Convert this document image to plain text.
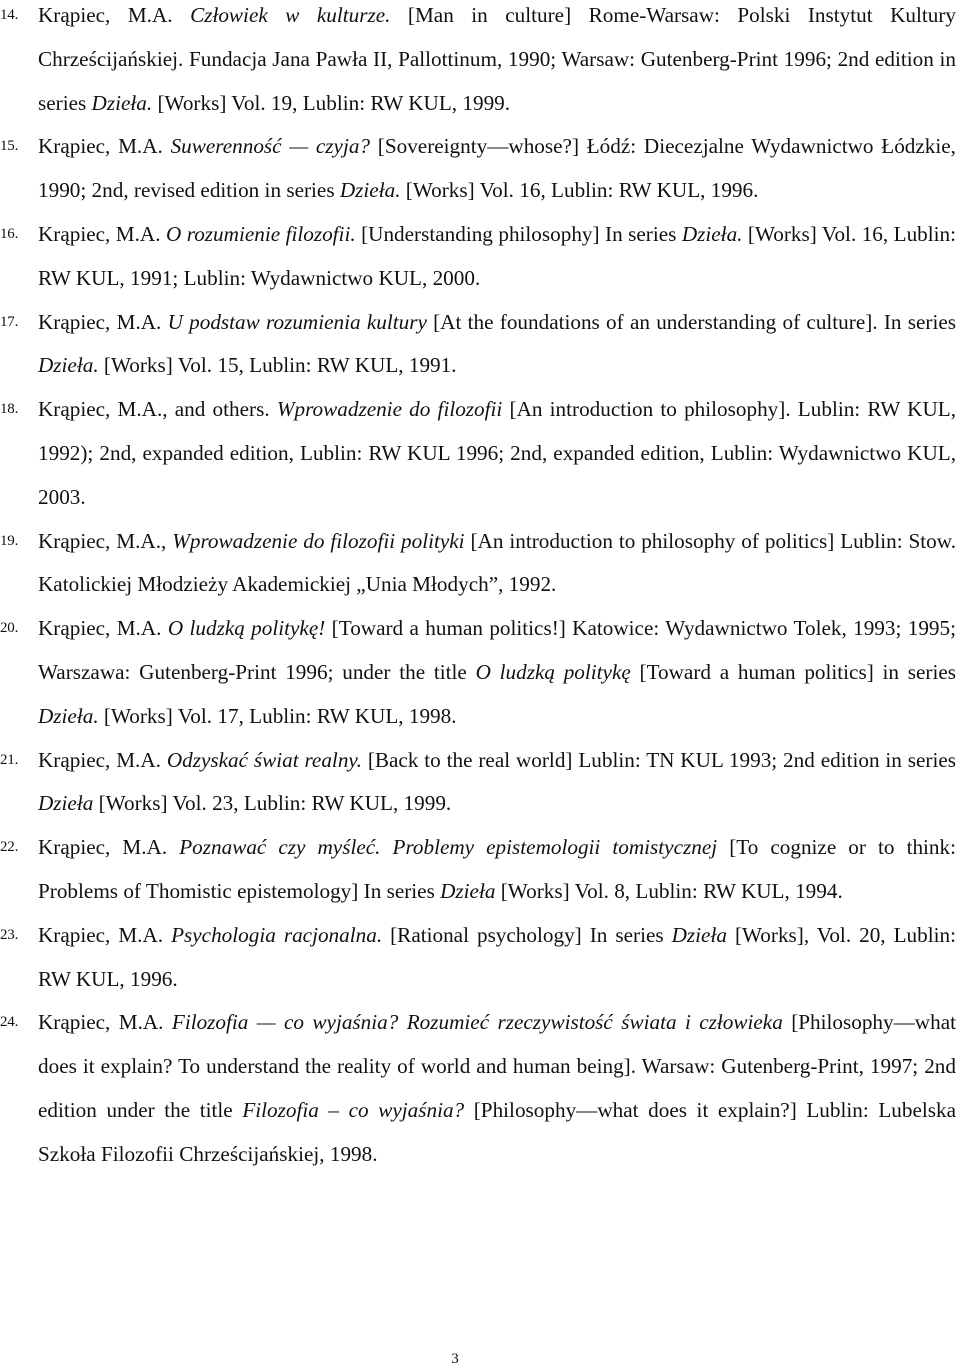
14. Krąpiec, M.A. Człowiek w kulturze. [Man in culture] Rome-Warsaw: Polski Instytut Kultury Chrześcijańskiej. Fundacja Jana Pawła II, Pallottinum, 1990; Warsaw: Gutenberg-Print 1996; 2nd edition in series Dzieła. [Works] Vol. 19, Lublin: RW KUL, 1999.
15. Krąpiec, M.A. Suwerenność — czyja? [Sovereignty—whose?] Łódź: Diecezjalne Wydawnictwo Łódzkie, 1990; 2nd, revised edition in series Dzieła. [Works] Vol. 16, Lublin: RW KUL, 1996.
16. Krąpiec, M.A. O rozumienie filozofii. [Understanding philosophy] In series Dzieła. [Works] Vol. 16, Lublin: RW KUL, 1991; Lublin: Wydawnictwo KUL, 2000.
17. Krąpiec, M.A. U podstaw rozumienia kultury [At the foundations of an understanding of culture]. In series Dzieła. [Works] Vol. 15, Lublin: RW KUL, 1991.
18. Krąpiec, M.A., and others. Wprowadzenie do filozofii [An introduction to philosophy]. Lublin: RW KUL, 1992); 2nd, expanded edition, Lublin: RW KUL 1996; 2nd, expanded edition, Lublin: Wydawnictwo KUL, 2003.
19. Krąpiec, M.A., Wprowadzenie do filozofii polityki [An introduction to philosophy of politics] Lublin: Stow. Katolickiej Młodzieży Akademickiej „Unia Młodych”, 1992.
20. Krąpiec, M.A. O ludzką politykę! [Toward a human politics!] Katowice: Wydawnictwo Tolek, 1993; 1995; Warszawa: Gutenberg-Print 1996; under the title O ludzką politykę [Toward a human politics] in series Dzieła. [Works] Vol. 17, Lublin: RW KUL, 1998.
21. Krąpiec, M.A. Odzyskać świat realny. [Back to the real world] Lublin: TN KUL 1993; 2nd edition in series Dzieła [Works] Vol. 23, Lublin: RW KUL, 1999.
22. Krąpiec, M.A. Poznawać czy myśleć. Problemy epistemologii tomistycznej [To cognize or to think: Problems of Thomistic epistemology] In series Dzieła [Works] Vol. 8, Lublin: RW KUL, 1994.
23. Krąpiec, M.A. Psychologia racjonalna. [Rational psychology] In series Dzieła [Works], Vol. 20, Lublin: RW KUL, 1996.
24. Krąpiec, M.A. Filozofia — co wyjaśnia? Rozumieć rzeczywistość świata i człowieka [Philosophy—what does it explain? To understand the reality of world and human being]. Warsaw: Gutenberg-Print, 1997; 2nd edition under the title Filozofia – co wyjaśnia? [Philosophy—what does it explain?] Lublin: Lubelska Szkoła Filozofii Chrześcijańskiej, 1998.
3
